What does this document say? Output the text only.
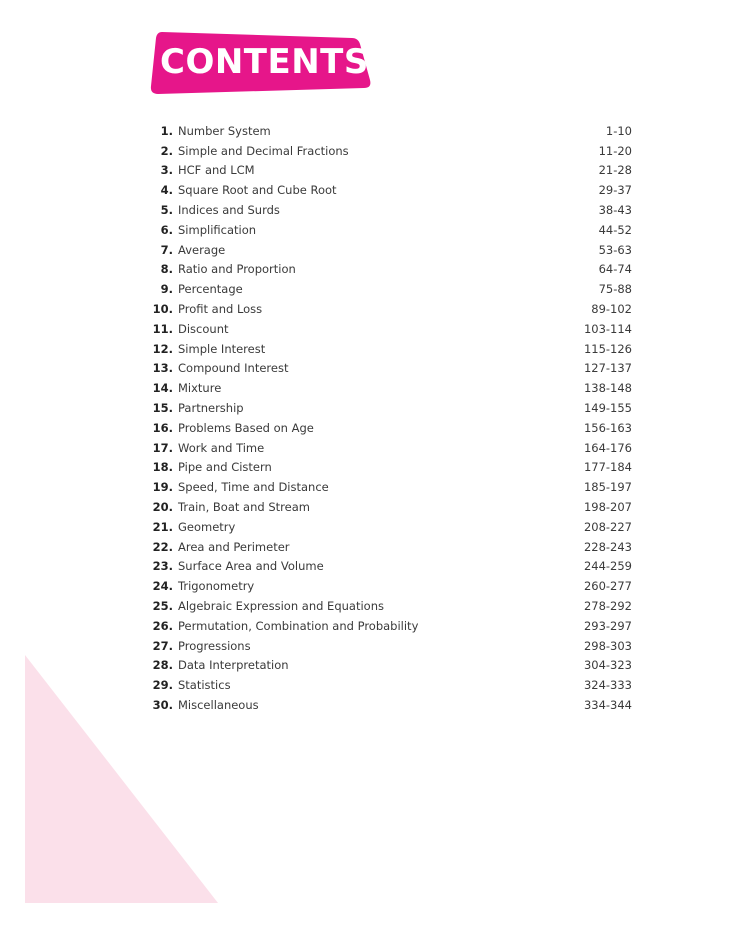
CONTENTS
1. Number System	1-10
2. Simple and Decimal Fractions	11-20
3. HCF and LCM	21-28
4. Square Root and Cube Root	29-37
5. Indices and Surds	38-43
6. Simplification	44-52
7. Average	53-63
8. Ratio and Proportion	64-74
9. Percentage	75-88
10. Profit and Loss	89-102
11. Discount	103-114
12. Simple Interest	115-126
13. Compound Interest	127-137
14. Mixture	138-148
15. Partnership	149-155
16. Problems Based on Age	156-163
17. Work and Time	164-176
18. Pipe and Cistern	177-184
19. Speed, Time and Distance	185-197
20. Train, Boat and Stream	198-207
21. Geometry	208-227
22. Area and Perimeter	228-243
23. Surface Area and Volume	244-259
24. Trigonometry	260-277
25. Algebraic Expression and Equations	278-292
26. Permutation, Combination and Probability	293-297
27. Progressions	298-303
28. Data Interpretation	304-323
29. Statistics	324-333
30. Miscellaneous	334-344
